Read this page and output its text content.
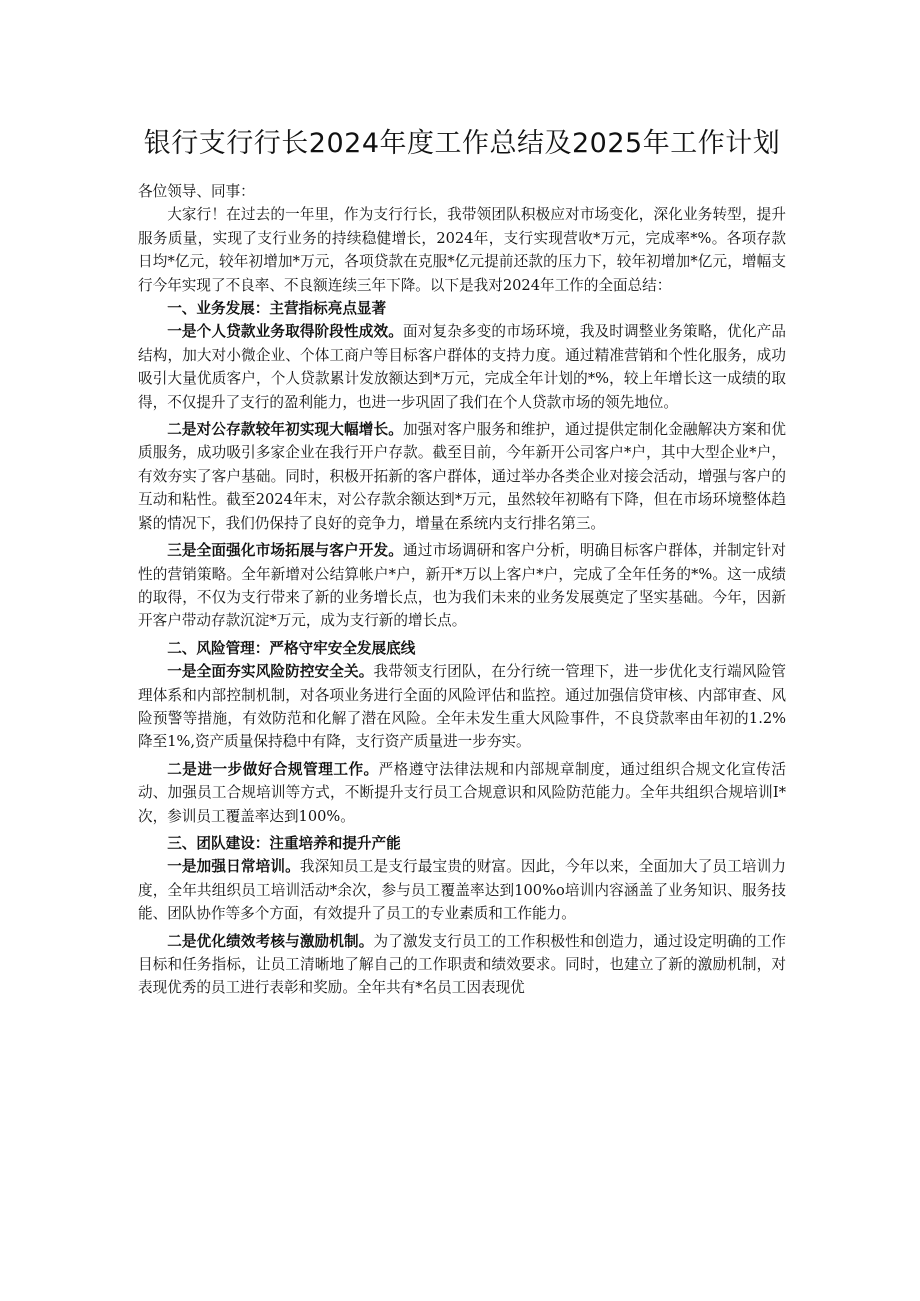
银行支行行长2024年度工作总结及2025年工作计划
各位领导、同事：

大家行！在过去的一年里，作为支行行长，我带领团队积极应对市场变化，深化业务转型，提升服务质量，实现了支行业务的持续稳健增长，2024年，支行实现营收*万元，完成率*%。各项存款日均*亿元，较年初增加*万元，各项贷款在克服*亿元提前还款的压力下，较年初增加*亿元，增幅支行今年实现了不良率、不良额连续三年下降。以下是我对2024年工作的全面总结：

一、业务发展：主营指标亮点显著

一是个人贷款业务取得阶段性成效。面对复杂多变的市场环境，我及时调整业务策略，优化产品结构，加大对小微企业、个体工商户等目标客户群体的支持力度。通过精准营销和个性化服务，成功吸引大量优质客户，个人贷款累计发放额达到*万元，完成全年计划的*%，较上年增长这一成绩的取得，不仅提升了支行的盈利能力，也进一步巩固了我们在个人贷款市场的领先地位。

二是对公存款较年初实现大幅增长。加强对客户服务和维护，通过提供定制化金融解决方案和优质服务，成功吸引多家企业在我行开户存款。截至目前，今年新开公司客户*户，其中大型企业*户，有效夯实了客户基础。同时，积极开拓新的客户群体，通过举办各类企业对接会活动，增强与客户的互动和粘性。截至2024年末，对公存款余额达到*万元，虽然较年初略有下降，但在市场环境整体趋紧的情况下，我们仍保持了良好的竞争力，增量在系统内支行排名第三。

三是全面强化市场拓展与客户开发。通过市场调研和客户分析，明确目标客户群体，并制定针对性的营销策略。全年新增对公结算帐户*户，新开*万以上客户*户，完成了全年任务的*%。这一成绩的取得，不仅为支行带来了新的业务增长点，也为我们未来的业务发展奠定了坚实基础。今年，因新开客户带动存款沉淀*万元，成为支行新的增长点。

二、风险管理：严格守牢安全发展底线

一是全面夯实风险防控安全关。我带领支行团队，在分行统一管理下，进一步优化支行端风险管理体系和内部控制机制，对各项业务进行全面的风险评估和监控。通过加强信贷审核、内部审查、风险预警等措施，有效防范和化解了潜在风险。全年未发生重大风险事件，不良贷款率由年初的1.2%降至1%,资产质量保持稳中有降，支行资产质量进一步夯实。

二是进一步做好合规管理工作。严格遵守法律法规和内部规章制度，通过组织合规文化宣传活动、加强员工合规培训等方式，不断提升支行员工合规意识和风险防范能力。全年共组织合规培训I*次，参训员工覆盖率达到100%。

三、团队建设：注重培养和提升产能

一是加强日常培训。我深知员工是支行最宝贵的财富。因此，今年以来，全面加大了员工培训力度，全年共组织员工培训活动*余次，参与员工覆盖率达到100%o培训内容涵盖了业务知识、服务技能、团队协作等多个方面，有效提升了员工的专业素质和工作能力。

二是优化绩效考核与激励机制。为了激发支行员工的工作积极性和创造力，通过设定明确的工作目标和任务指标，让员工清晰地了解自己的工作职责和绩效要求。同时，也建立了新的激励机制，对表现优秀的员工进行表彰和奖励。全年共有*名员工因表现优
